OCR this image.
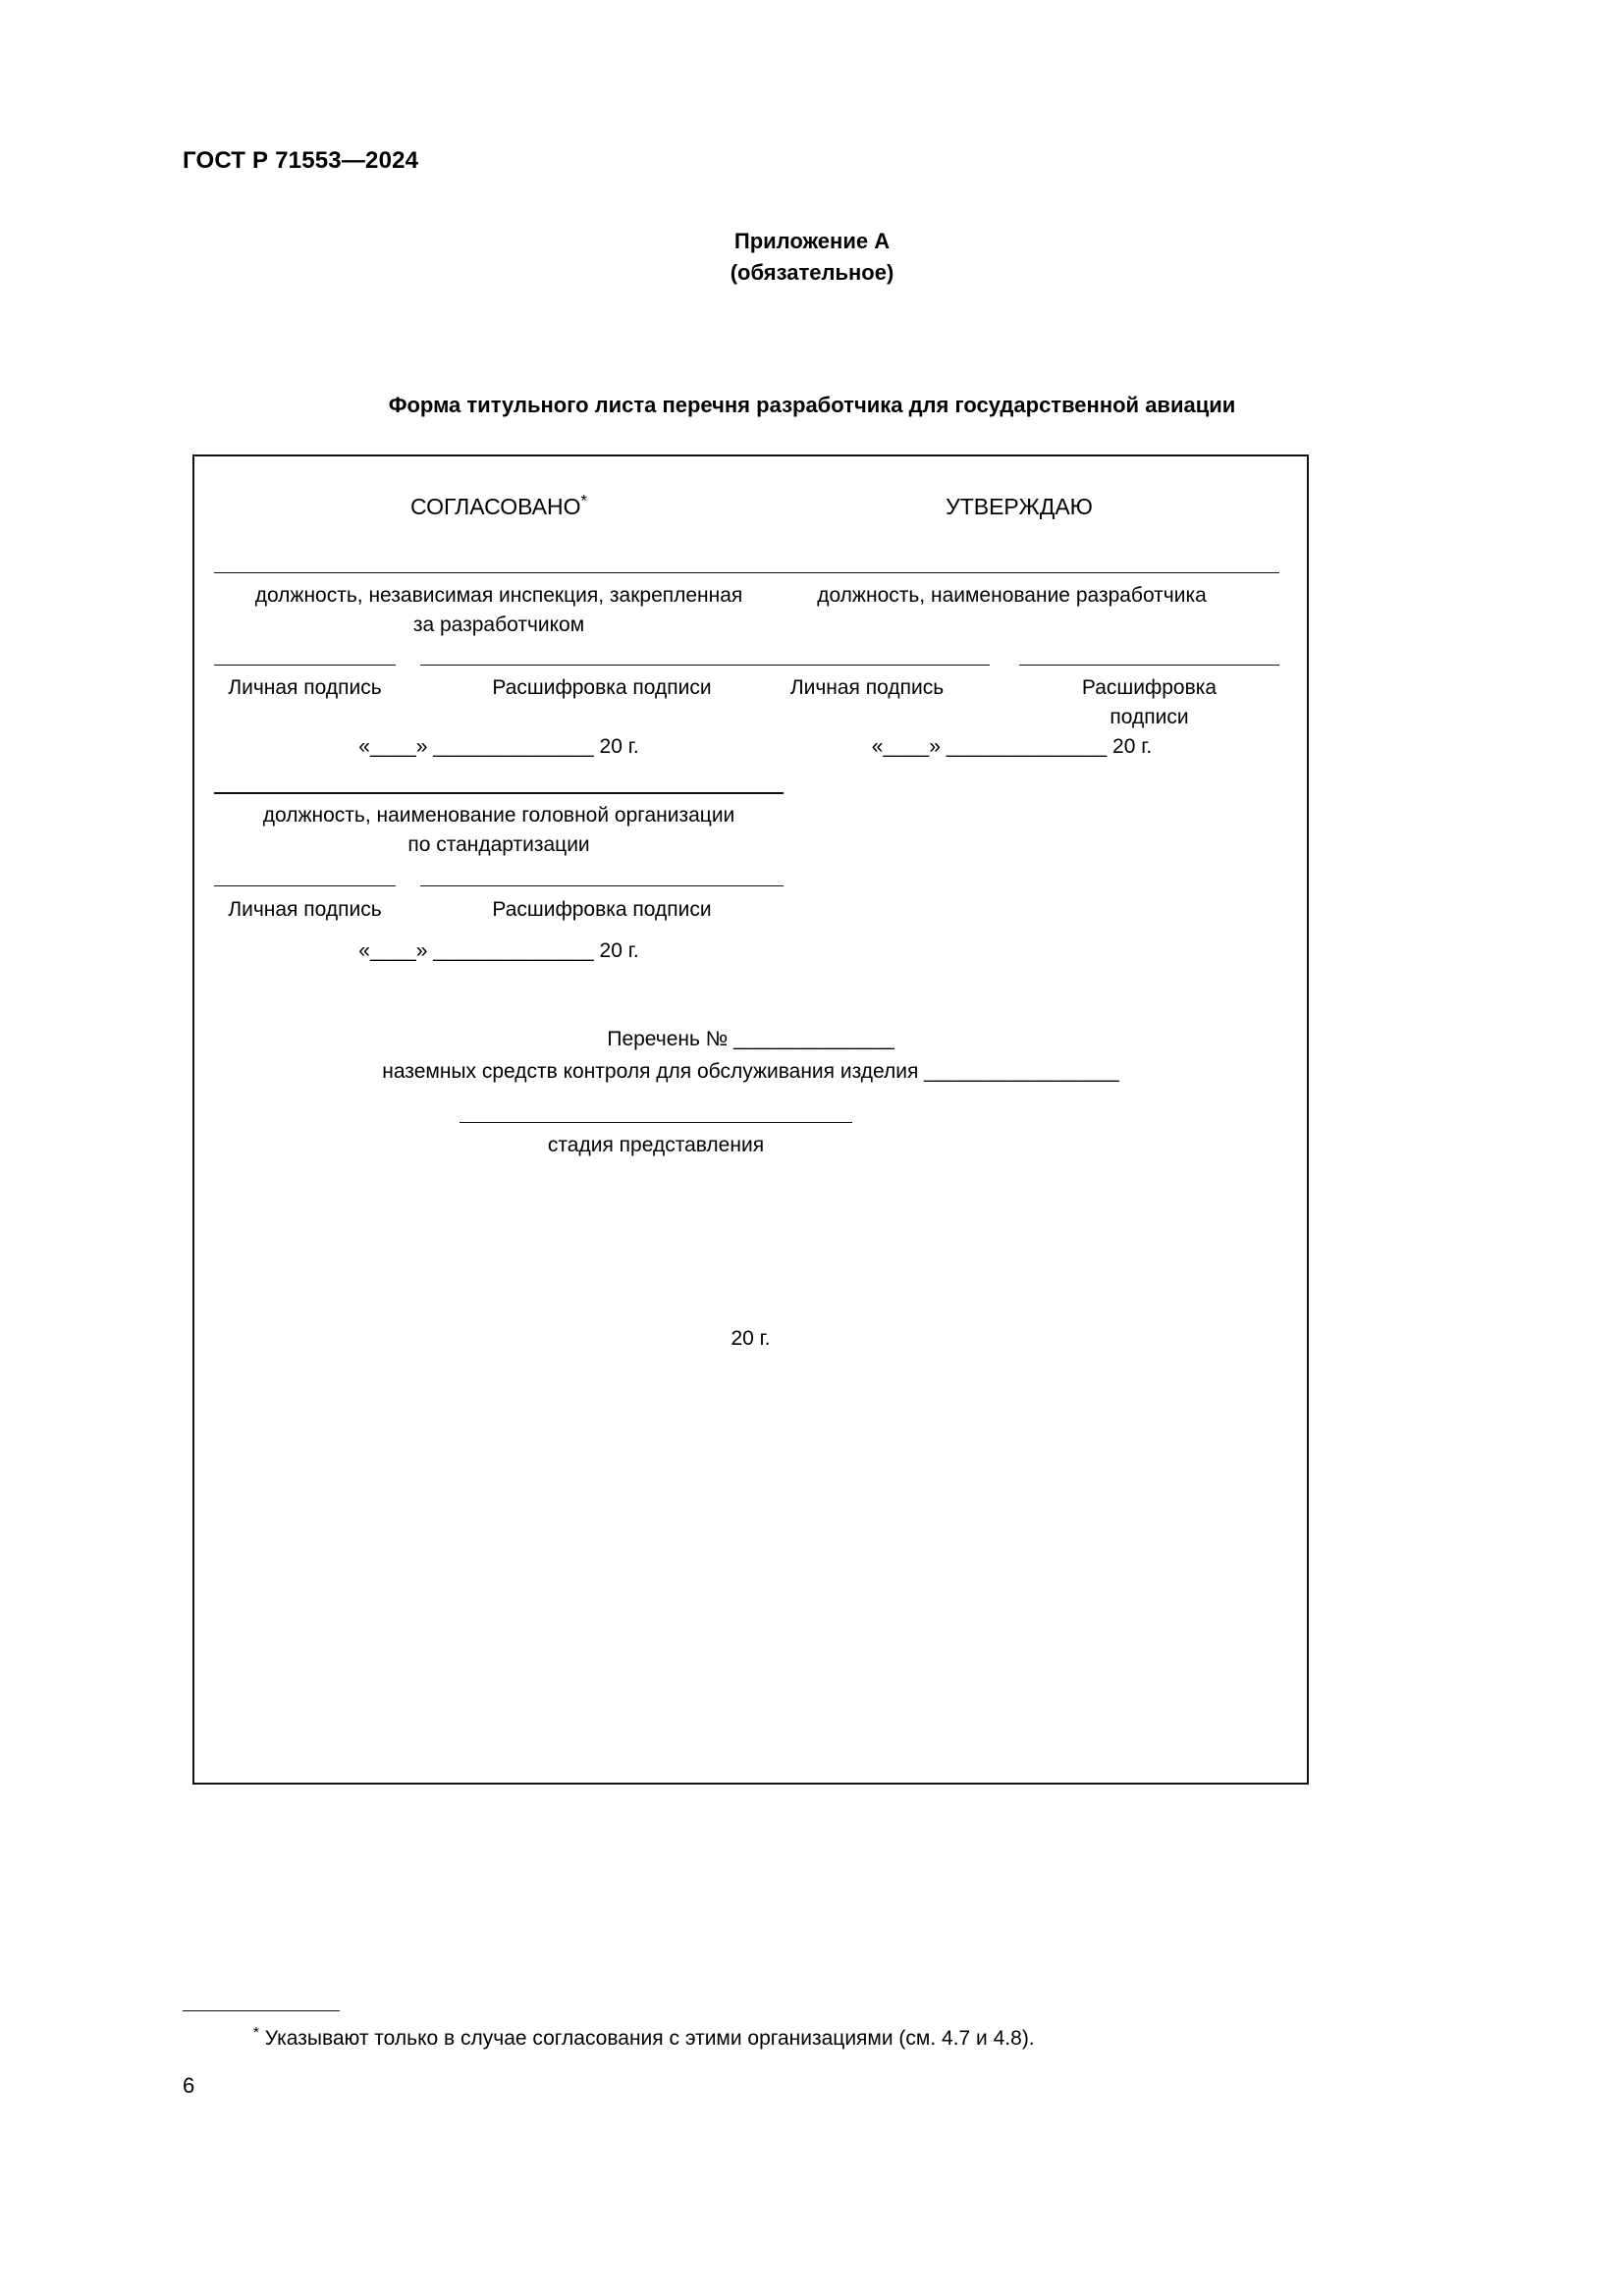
ГОСТ Р 71553—2024
Приложение А
(обязательное)
Форма титульного листа перечня разработчика для государственной авиации
СОГЛАСОВАНО*
должность, независимая инспекция, закрепленная
за разработчиком
Личная подпись	Расшифровка подписи
«____» ______________ 20 г.
должность, наименование головной организации
по стандартизации
Личная подпись	Расшифровка подписи
«____» ______________ 20 г.
УТВЕРЖДАЮ
должность, наименование разработчика
Личная подпись	Расшифровка
подписи
«____» ______________ 20 г.
Перечень № ______________
наземных средств контроля для обслуживания изделия _________________
стадия представления
20 г.
* Указывают только в случае согласования с этими организациями (см. 4.7 и 4.8).
6
